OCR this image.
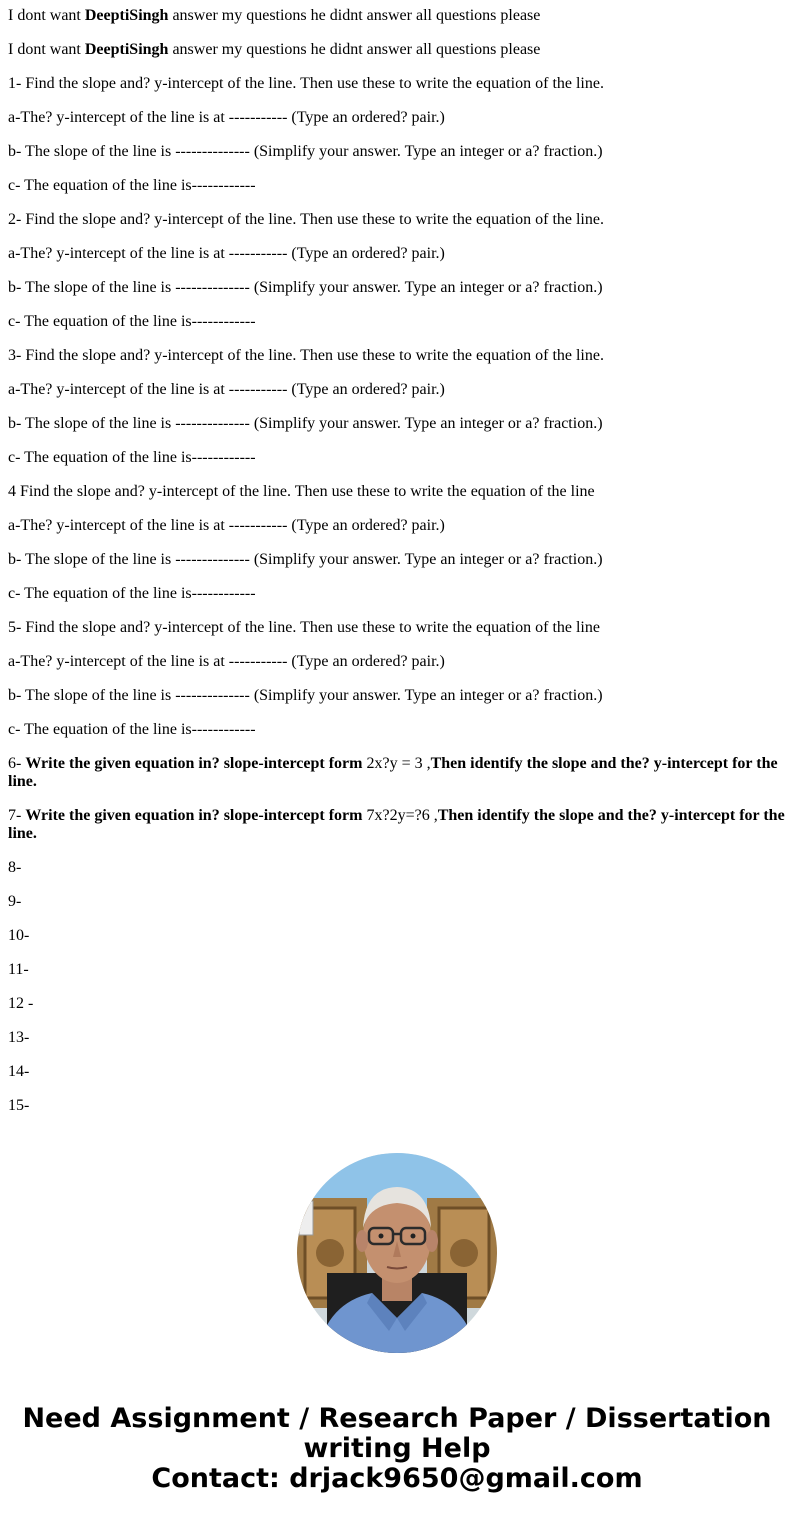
I dont want DeeptiSingh answer my questions he didnt answer all questions please

I dont want DeeptiSingh answer my questions he didnt answer all questions please

1- Find the slope and? y-intercept of the line. Then use these to write the equation of the line.

a-The? y-intercept of the line is at ----------- (Type an ordered? pair.)

b- The slope of the line is -------------- (Simplify your answer. Type an integer or a? fraction.)

c- The equation of the line is------------

2- Find the slope and? y-intercept of the line. Then use these to write the equation of the line.

a-The? y-intercept of the line is at ----------- (Type an ordered? pair.)

b- The slope of the line is -------------- (Simplify your answer. Type an integer or a? fraction.)

c- The equation of the line is------------

3- Find the slope and? y-intercept of the line. Then use these to write the equation of the line.

a-The? y-intercept of the line is at ----------- (Type an ordered? pair.)

b- The slope of the line is -------------- (Simplify your answer. Type an integer or a? fraction.)

c- The equation of the line is------------

4 Find the slope and? y-intercept of the line. Then use these to write the equation of the line

a-The? y-intercept of the line is at ----------- (Type an ordered? pair.)

b- The slope of the line is -------------- (Simplify your answer. Type an integer or a? fraction.)

c- The equation of the line is------------

5- Find the slope and? y-intercept of the line. Then use these to write the equation of the line

a-The? y-intercept of the line is at ----------- (Type an ordered? pair.)

b- The slope of the line is -------------- (Simplify your answer. Type an integer or a? fraction.)

c- The equation of the line is------------

6- Write the given equation in? slope-intercept form 2x?y = 3 ,Then identify the slope and the? y-intercept for the line.

7- Write the given equation in? slope-intercept form 7x?2y=?6 ,Then identify the slope and the? y-intercept for the line.

8-

9-

10-

11-

12 -

13-

14-

15-

Need Assignment / Research Paper / Dissertation
writing Help
Contact: drjack9650@gmail.com
